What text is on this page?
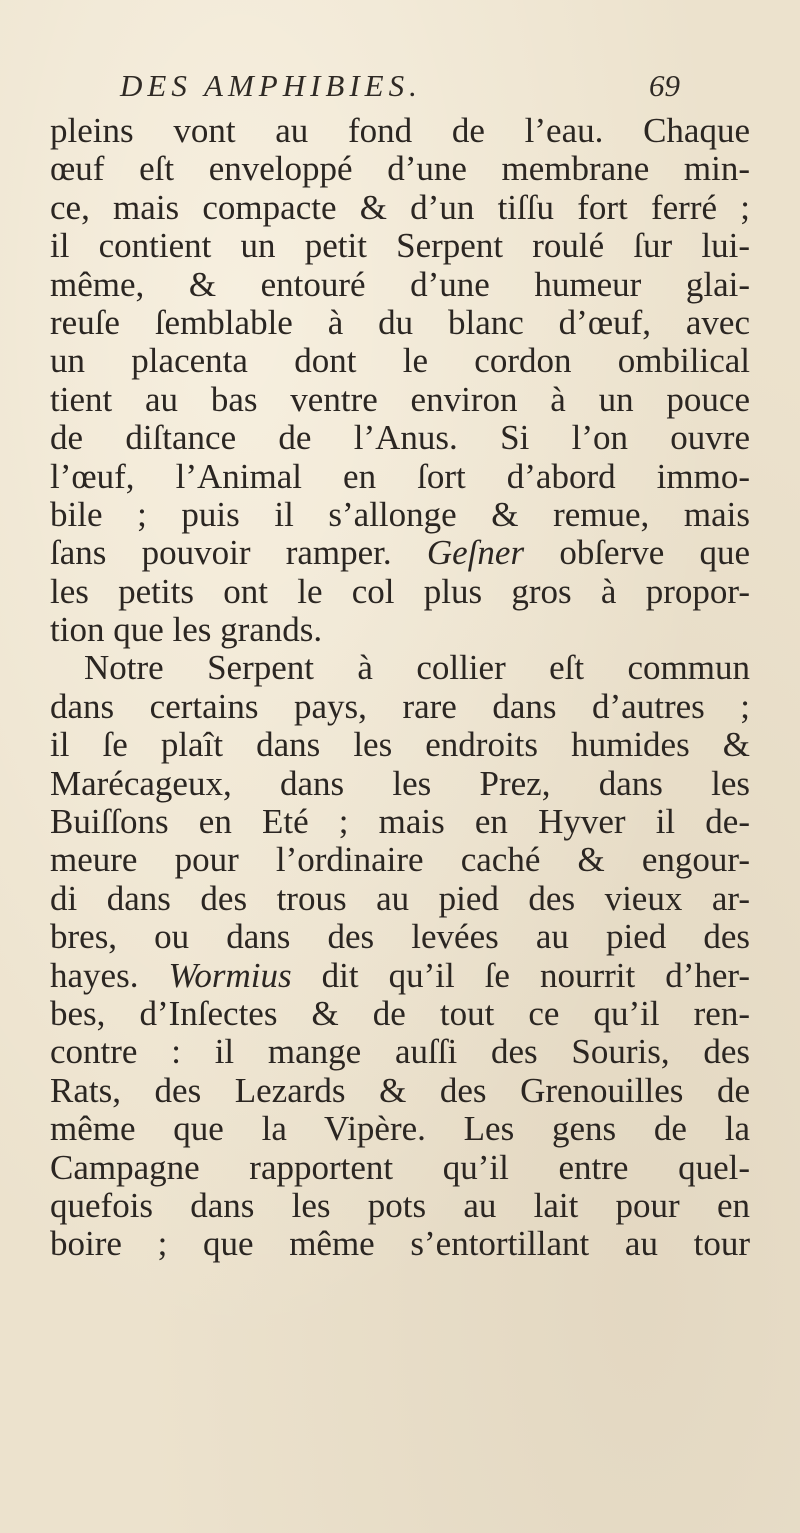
DES AMPHIBIES.	69
pleins vont au fond de l’eau. Chaque
œuf eſt enveloppé d’une membrane min-
ce, mais compacte & d’un tiſſu fort ferré ;
il contient un petit Serpent roulé ſur lui-
même, & entouré d’une humeur glai-
reuſe ſemblable à du blanc d’œuf, avec
un placenta dont le cordon ombilical
tient au bas ventre environ à un pouce
de diſtance de l’Anus. Si l’on ouvre
l’œuf, l’Animal en ſort d’abord immo-
bile ; puis il s’allonge & remue, mais
ſans pouvoir ramper. Geſner obſerve que
les petits ont le col plus gros à propor-
tion que les grands.
Notre Serpent à collier eſt commun
dans certains pays, rare dans d’autres ;
il ſe plaît dans les endroits humides &
Marécageux, dans les Prez, dans les
Buiſſons en Eté ; mais en Hyver il de-
meure pour l’ordinaire caché & engour-
di dans des trous au pied des vieux ar-
bres, ou dans des levées au pied des
hayes. Wormius dit qu’il ſe nourrit d’her-
bes, d’Inſectes & de tout ce qu’il ren-
contre : il mange auſſi des Souris, des
Rats, des Lezards & des Grenouilles de
même que la Vipère. Les gens de la
Campagne rapportent qu’il entre quel-
quefois dans les pots au lait pour en
boire ; que même s’entortillant au tour
